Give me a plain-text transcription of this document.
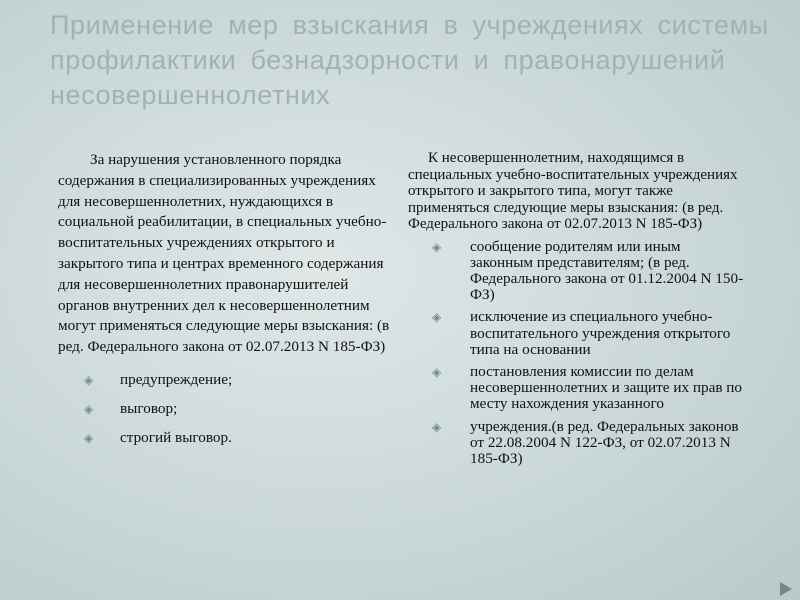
Применение мер взыскания в учреждениях системы профилактики безнадзорности и правонарушений несовершеннолетних

За нарушения установленного порядка содержания в специализированных учреждениях для несовершеннолетних, нуждающихся в социальной реабилитации, в специальных учебно-воспитательных учреждениях открытого и закрытого типа и центрах временного содержания для несовершеннолетних правонарушителей органов внутренних дел к несовершеннолетним могут применяться следующие меры взыскания: (в ред. Федерального закона от 02.07.2013 N 185-ФЗ)

◈ предупреждение;
◈ выговор;
◈ строгий выговор.

К несовершеннолетним, находящимся в специальных учебно-воспитательных учреждениях открытого и закрытого типа, могут также применяться следующие меры взыскания: (в ред. Федерального закона от 02.07.2013 N 185-ФЗ)

◈ сообщение родителям или иным законным представителям; (в ред. Федерального закона от 01.12.2004 N 150-ФЗ)
◈ исключение из специального учебно-воспитательного учреждения открытого типа на основании
◈ постановления комиссии по делам несовершеннолетних и защите их прав по месту нахождения указанного
◈ учреждения.(в ред. Федеральных законов от 22.08.2004 N 122-ФЗ, от 02.07.2013 N 185-ФЗ)
